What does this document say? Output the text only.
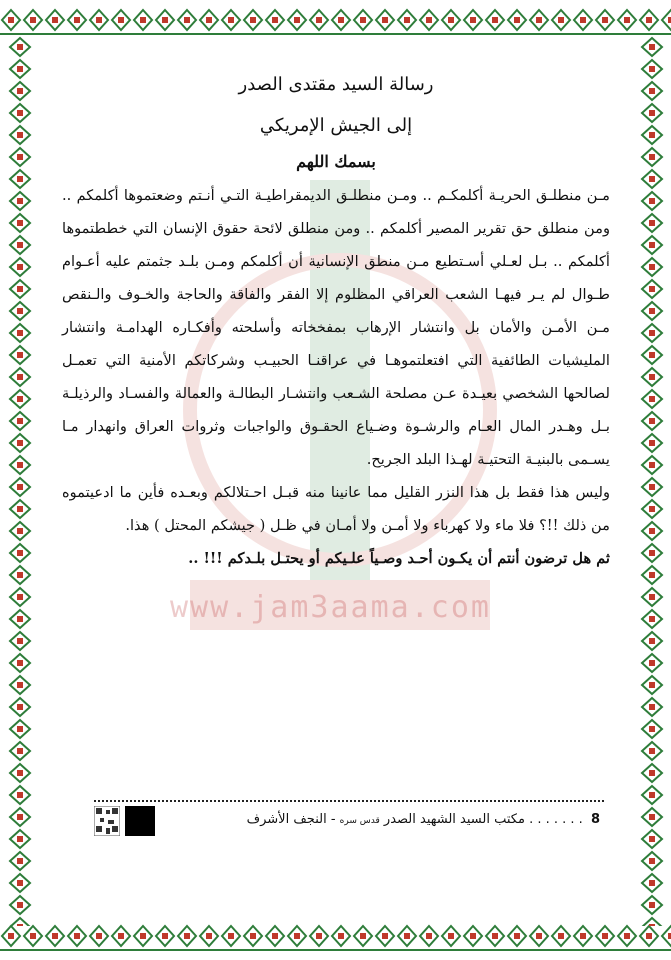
www.jam3aama.com
رسالة السيد مقتدى الصدر
إلى الجيش الإمريكي
بسمك اللهم

مـن منطلـق الحريـة أكلمكـم .. ومـن منطلـق الديمقراطيـة التـي أنـتم وضعتموها أكلمكم .. ومن منطلق حق تقرير المصير أكلمكم .. ومن منطلق لائحة حقوق الإنسان التي خططتموها أكلمكم .. بـل لعـلي أسـتطيع مـن منطق الإنسانية أن أكلمكم ومـن بلـد جثمتم عليه أعـوام طـوال لم يـر فيهـا الشعب العراقي المظلوم إلا الفقر والفاقة والحاجة والخـوف والـنقص مـن الأمـن والأمان بل وانتشار الإرهاب بمفخخاته وأسلحته وأفكـاره الهدامـة وانتشار المليشيات الطائفية التي افتعلتموهـا في عراقنـا الحبيـب وشركاتكم الأمنية التي تعمـل لصالحها الشخصي بعيـدة عـن مصلحة الشـعب وانتشـار البطالـة والعمالة والفسـاد والرذيلـة بـل وهـدر المال العـام والرشـوة وضـياع الحقـوق والواجبات وثروات العراق وانهدار مـا يسـمى بالبنيـة التحتيـة لهـذا البلد الجريح.

وليس هذا فقط بل هذا النزر القليل مما عانينا منه قبـل احـتلالكم وبعـده فأين ما ادعيتموه من ذلك !!؟ فلا ماء ولا كهرباء ولا أمـن ولا أمـان في ظـل ( جيشكم المحتل ) هذا.

ثم هل ترضون أنتم أن يكـون أحـد وصـياً علـيكم أو يحتـل بلـدكم !!! ..

8 . . . . . . . مكتب السيد الشهيد الصدر قدس سره - النجف الأشرف
